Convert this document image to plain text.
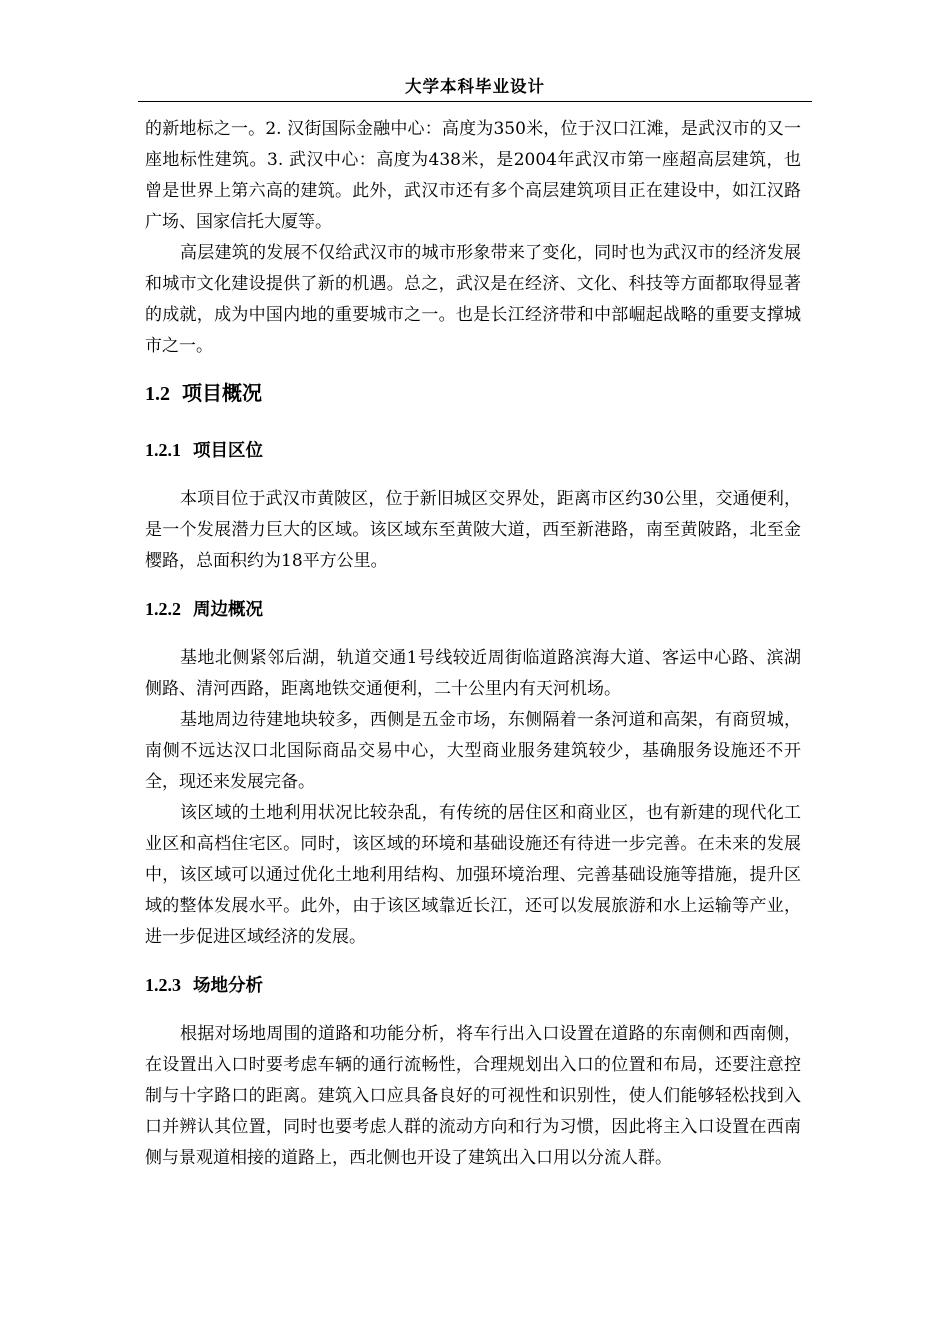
大学本科毕业设计

的新地标之一。2. 汉街国际金融中心：高度为350米，位于汉口江滩，是武汉市的又一座地标性建筑。3. 武汉中心：高度为438米，是2004年武汉市第一座超高层建筑，也曾是世界上第六高的建筑。此外，武汉市还有多个高层建筑项目正在建设中，如江汉路广场、国家信托大厦等。

高层建筑的发展不仅给武汉市的城市形象带来了变化，同时也为武汉市的经济发展和城市文化建设提供了新的机遇。总之，武汉是在经济、文化、科技等方面都取得显著的成就，成为中国内地的重要城市之一。也是长江经济带和中部崛起战略的重要支撑城市之一。

1.2 项目概况
1.2.1 项目区位

本项目位于武汉市黄陂区，位于新旧城区交界处，距离市区约30公里，交通便利，是一个发展潜力巨大的区域。该区域东至黄陂大道，西至新港路，南至黄陂路，北至金樱路，总面积约为18平方公里。

1.2.2 周边概况

基地北侧紧邻后湖，轨道交通1号线较近周街临道路滨海大道、客运中心路、滨湖侧路、清河西路，距离地铁交通便利，二十公里内有天河机场。

基地周边待建地块较多，西侧是五金市场，东侧隔着一条河道和高架，有商贸城，南侧不远达汉口北国际商品交易中心，大型商业服务建筑较少，基确服务设施还不开全，现还来发展完备。

该区域的土地利用状况比较杂乱，有传统的居住区和商业区，也有新建的现代化工业区和高档住宅区。同时，该区域的环境和基础设施还有待进一步完善。在未来的发展中，该区域可以通过优化土地利用结构、加强环境治理、完善基础设施等措施，提升区域的整体发展水平。此外，由于该区域靠近长江，还可以发展旅游和水上运输等产业，进一步促进区域经济的发展。

1.2.3 场地分析

根据对场地周围的道路和功能分析，将车行出入口设置在道路的东南侧和西南侧，在设置出入口时要考虑车辆的通行流畅性，合理规划出入口的位置和布局，还要注意控制与十字路口的距离。建筑入口应具备良好的可视性和识别性，使人们能够轻松找到入口并辨认其位置，同时也要考虑人群的流动方向和行为习惯，因此将主入口设置在西南侧与景观道相接的道路上，西北侧也开设了建筑出入口用以分流人群。
